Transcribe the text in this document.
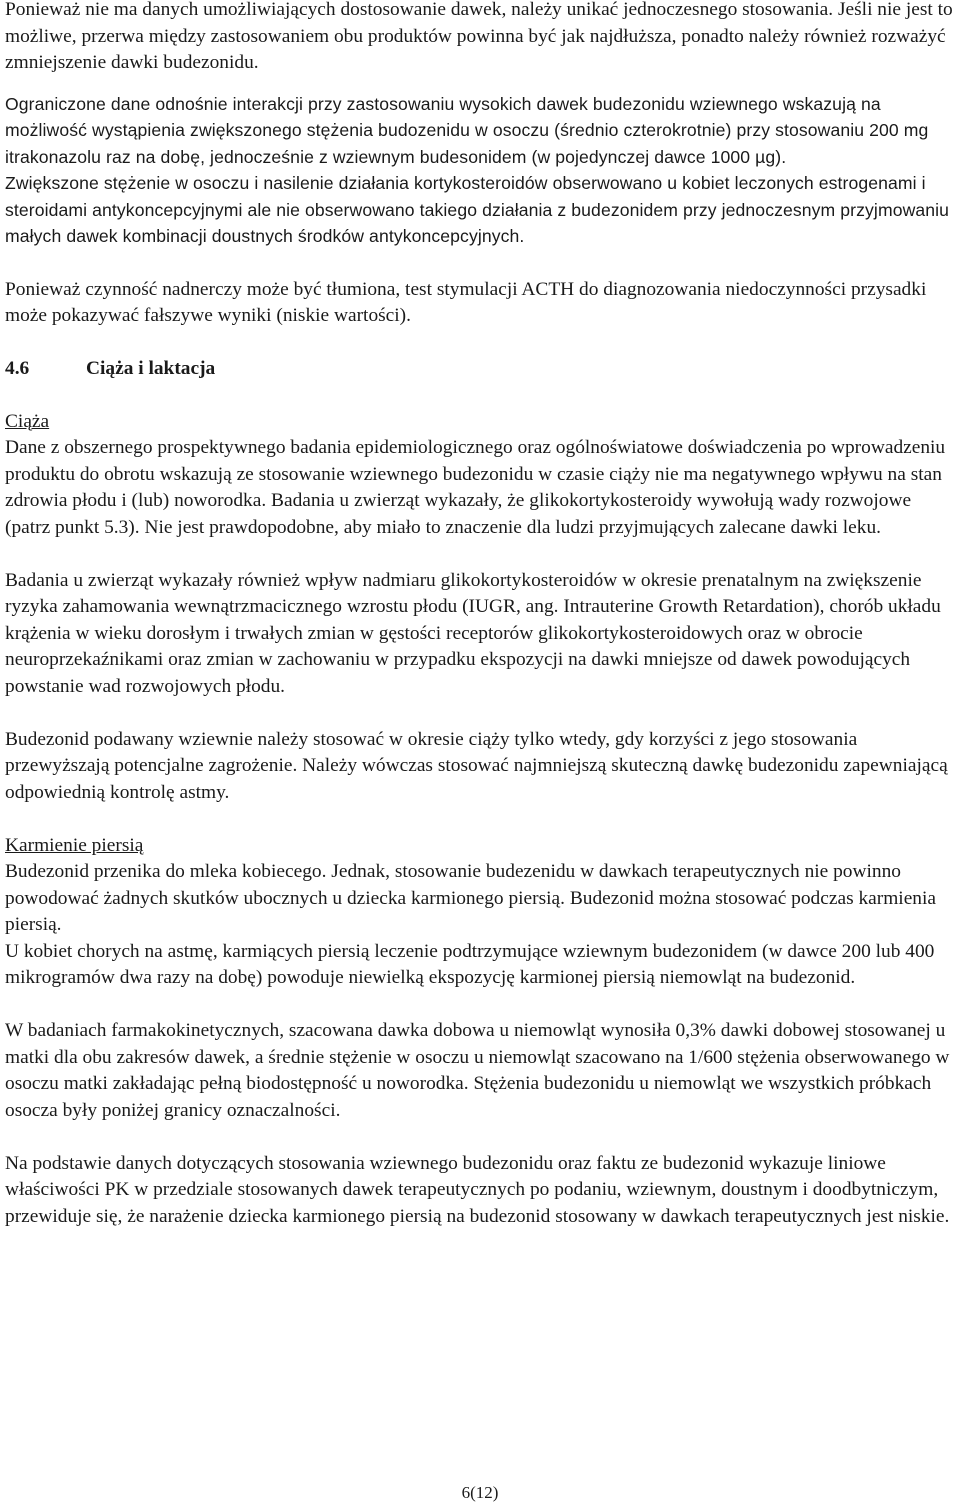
Ponieważ nie ma danych umożliwiających dostosowanie dawek, należy unikać jednoczesnego stosowania. Jeśli nie jest to możliwe, przerwa między zastosowaniem obu produktów powinna być jak najdłuższa, ponadto należy również rozważyć zmniejszenie dawki budezonidu.

Ograniczone dane odnośnie interakcji przy zastosowaniu wysokich dawek budezonidu wziewnego wskazują na możliwość wystąpienia zwiększonego stężenia budozenidu w osoczu (średnio czterokrotnie) przy stosowaniu 200 mg itrakonazolu raz na dobę, jednocześnie z wziewnym budesonidem (w pojedynczej dawce 1000 µg).

Zwiększone stężenie w osoczu i nasilenie działania kortykosteroidów obserwowano u kobiet leczonych estrogenami i steroidami antykoncepcyjnymi ale nie obserwowano takiego działania z budezonidem przy jednoczesnym przyjmowaniu małych dawek kombinacji doustnych środków antykoncepcyjnych.

Ponieważ czynność nadnerczy może być tłumiona, test stymulacji ACTH do diagnozowania niedoczynności przysadki może pokazywać fałszywe wyniki (niskie wartości).

4.6	Ciąża i laktacja

Ciąża

Dane z obszernego prospektywnego badania epidemiologicznego oraz ogólnoświatowe doświadczenia po wprowadzeniu produktu do obrotu wskazują ze stosowanie wziewnego budezonidu w czasie ciąży nie ma negatywnego wpływu na stan zdrowia płodu i (lub) noworodka. Badania u zwierząt wykazały, że glikokortykosteroidy wywołują wady rozwojowe (patrz punkt 5.3). Nie jest prawdopodobne, aby miało to znaczenie dla ludzi przyjmujących zalecane dawki leku.

Badania u zwierząt wykazały również wpływ nadmiaru glikokortykosteroidów w okresie prenatalnym na zwiększenie ryzyka zahamowania wewnątrzmacicznego wzrostu płodu (IUGR, ang. Intrauterine Growth Retardation), chorób układu krążenia w wieku dorosłym i trwałych zmian w gęstości receptorów glikokortykosteroidowych oraz w obrocie neuroprzekaźnikami oraz zmian w zachowaniu w przypadku ekspozycji na dawki mniejsze od dawek powodujących powstanie wad rozwojowych płodu.

Budezonid podawany wziewnie należy stosować w okresie ciąży tylko wtedy, gdy korzyści z jego stosowania przewyższają potencjalne zagrożenie. Należy wówczas stosować najmniejszą skuteczną dawkę budezonidu zapewniającą odpowiednią kontrolę astmy.

Karmienie piersią

Budezonid przenika do mleka kobiecego. Jednak, stosowanie budezenidu w dawkach terapeutycznych nie powinno powodować żadnych skutków ubocznych u dziecka karmionego piersią. Budezonid można stosować podczas karmienia piersią.

U kobiet chorych na astmę, karmiących piersią leczenie podtrzymujące wziewnym budezonidem (w dawce 200 lub 400 mikrogramów dwa razy na dobę) powoduje niewielką ekspozycję karmionej piersią niemowląt na budezonid.

W badaniach farmakokinetycznych, szacowana dawka dobowa u niemowląt wynosiła 0,3% dawki dobowej stosowanej u matki dla obu zakresów dawek, a średnie stężenie w osoczu u niemowląt szacowano na 1/600 stężenia obserwowanego w osoczu matki zakładając pełną biodostępność u noworodka. Stężenia budezonidu u niemowląt we wszystkich próbkach osocza były poniżej granicy oznaczalności.

Na podstawie danych dotyczących stosowania wziewnego budezonidu oraz faktu ze budezonid wykazuje liniowe właściwości PK w przedziale stosowanych dawek terapeutycznych po podaniu, wziewnym, doustnym i doodbytniczym, przewiduje się, że narażenie dziecka karmionego piersią na budezonid stosowany w dawkach terapeutycznych jest niskie.

6(12)
